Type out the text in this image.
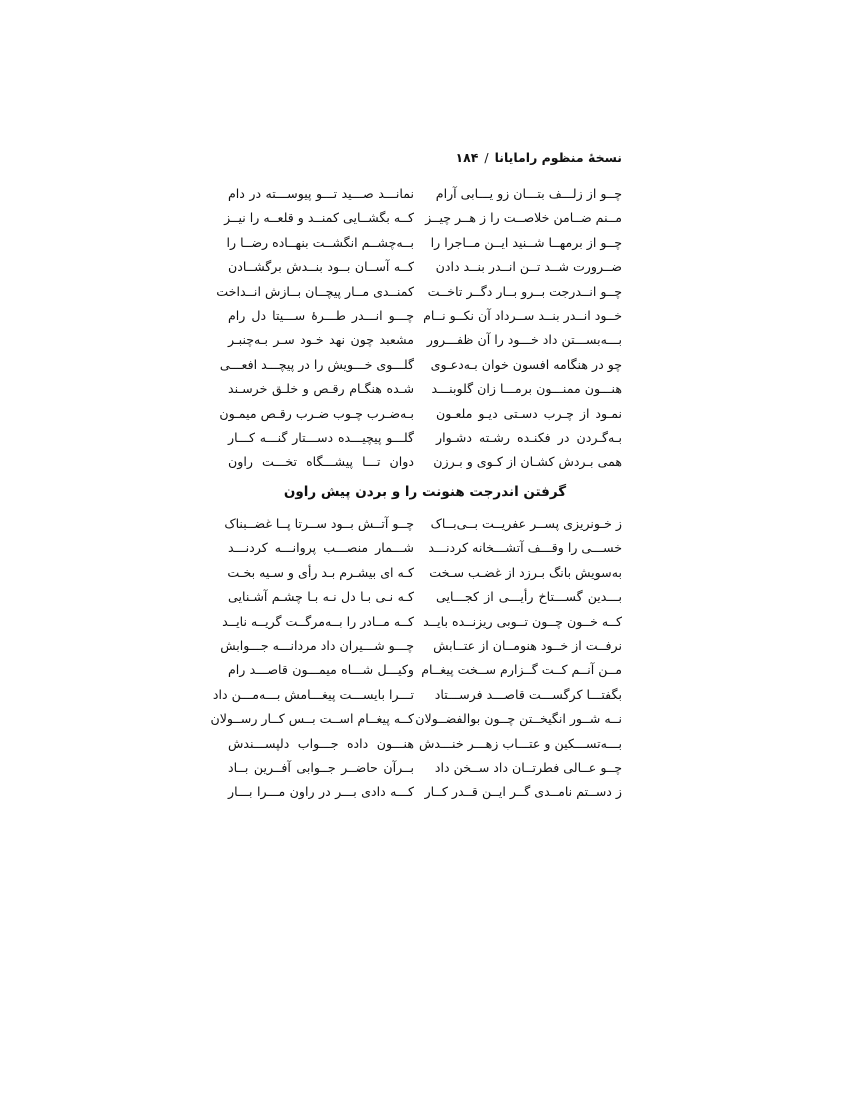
نسخهٔ منظوم رامایانا/۱۸۴
چــو از زلـــف بتـــان زو یـــابی آرام
نمانـــد صـــید تـــو پیوســـته در دام
مــنم ضــامن خلاصــت را ز هــر چیــز
کــه بگشــایی کمنــد و قلعــه را نیــز
چــو از برمهــا شــنید ایــن مــاجرا را
بــه‌چشــم انگشــت بنهــاده رضــا را
ضــرورت شــد تــن انــدر بنــد دادن
کــه آســان بــود بنــدش برگشــادن
چــو انــدرجت بــرو بــار دگــر تاخــت
کمنــدی مــار پیچــان بــازش انــداخت
خــود انــدر بنــد ســرداد آن نکــو نــام
چـــو انـــدر طـــرهٔ ســـیتا دل رام
بـــه‌بســـتن داد خـــود را آن ظفـــرور
مشعبد چون نهد خـود سـر بـه‌چنبـر
چو در هنگامه افسون خوان بـه‌دعـوی
گلـــوی خـــویش را در پیچـــد افعـــی
هنـــون ممنـــون برمـــا زان گلوبنـــد
شـده هنگـام رقـص و خلـق خرسـند
نمـود از چـرب دسـتی دیـو ملعـون
بـه‌ضـرب چـوب ضـرب رقـص میمـون
بـه‌گـردن در فکنـده رشـته دشـوار
گلـــو پیچیـــده دســـتار گنـــه کـــار
همی بـردش کشـان از کـوی و بـرزن
دوان تـــا پیشـــگاه تخـــت راون
گرفتن اندرجت هنونت را و بردن پیش راون
ز خـونریزی پســر عفریــت بــی‌بــاک
چــو آتــش بــود ســرتا پــا غضــبناک
خســـی را وقـــف آتشـــخانه کردنـــد
شـــمار منصـــب پروانـــه کردنـــد
به‌سویش بانگ بـرزد از غضـب سـخت
کـه ای بیشـرم بـد رأی و سـیه بخـت
بـــدین گســـتاخ رأیـــی از کجـــایی
کـه نـی بـا دل نـه بـا چشـم آشـنایی
کــه خــون چــون تــوبی ریزنــده بایــد
کــه مــادر را بــه‌مرگــت گریــه نایــد
نرفــت از خــود هنومــان از عتــابش
چـــو شـــیران داد مردانـــه جـــوابش
مــن آنــم کــت گــزارم ســخت پیغــام
وکیـــل شـــاه میمـــون قاصـــد رام
بگفتـــا کرگســـت قاصـــد فرســـتاد
تـــرا بایســـت پیغـــامش بـــه‌مـــن داد
نــه شــور انگیخــتن چــون بوالفضــولان
کــه پیغــام اســت بــس کــار رســولان
بـــه‌تســـکین و عتـــاب زهـــر خنـــدش
هنـــون داده جـــواب دلپســـندش
چــو عــالی فطرتــان داد ســخن داد
بــرآن حاضــر جــوابی آفــرین بــاد
ز دســتم نامــدی گــر ایــن قــدر کــار
کـــه دادی بـــر در راون مـــرا بـــار
